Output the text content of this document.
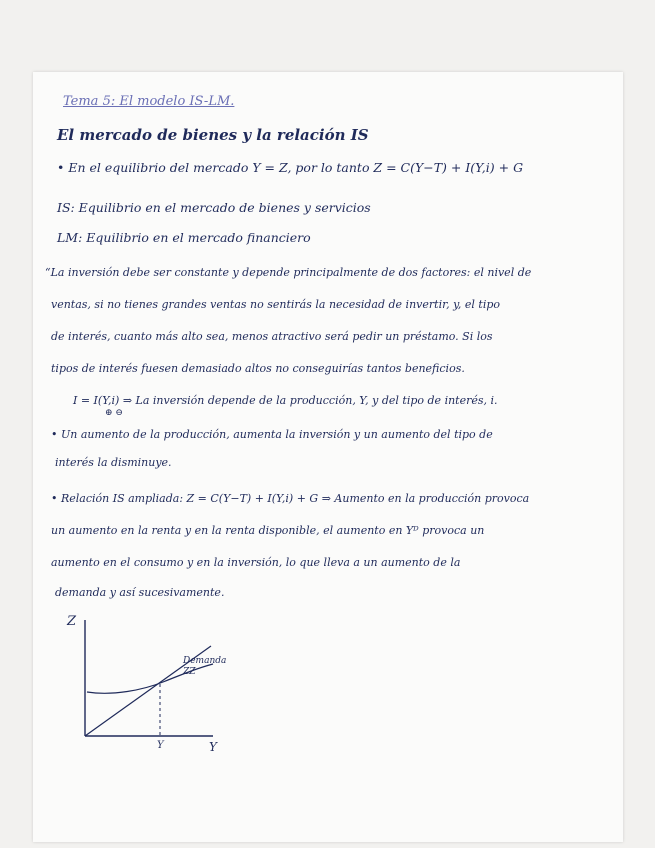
Tema 5: El modelo IS-LM.
El mercado de bienes y la relación IS
• En el equilibrio del mercado Y = Z, por lo tanto Z = C(Y−T) + I(Y,i) + G
IS: Equilibrio en el mercado de bienes y servicios
LM: Equilibrio en el mercado financiero
“La inversión debe ser constante y depende principalmente de dos factores: el nivel de
ventas, si no tienes grandes ventas no sentirás la necesidad de invertir, y, el tipo
de interés, cuanto más alto sea, menos atractivo será pedir un préstamo. Si los
tipos de interés fuesen demasiado altos no conseguirías tantos beneficios.
I = I(Y,i) ⇒ La inversión depende de la producción, Y, y del tipo de interés, i.
⊕ ⊖
• Un aumento de la producción, aumenta la inversión y un aumento del tipo de
interés la disminuye.
• Relación IS ampliada: Z = C(Y−T) + I(Y,i) + G ⇒ Aumento en la producción provoca
un aumento en la renta y en la renta disponible, el aumento en Yᴰ provoca un
aumento en el consumo y en la inversión, lo que lleva a un aumento de la
demanda y así sucesivamente.
Z
Y
Y
Demanda ZZ
